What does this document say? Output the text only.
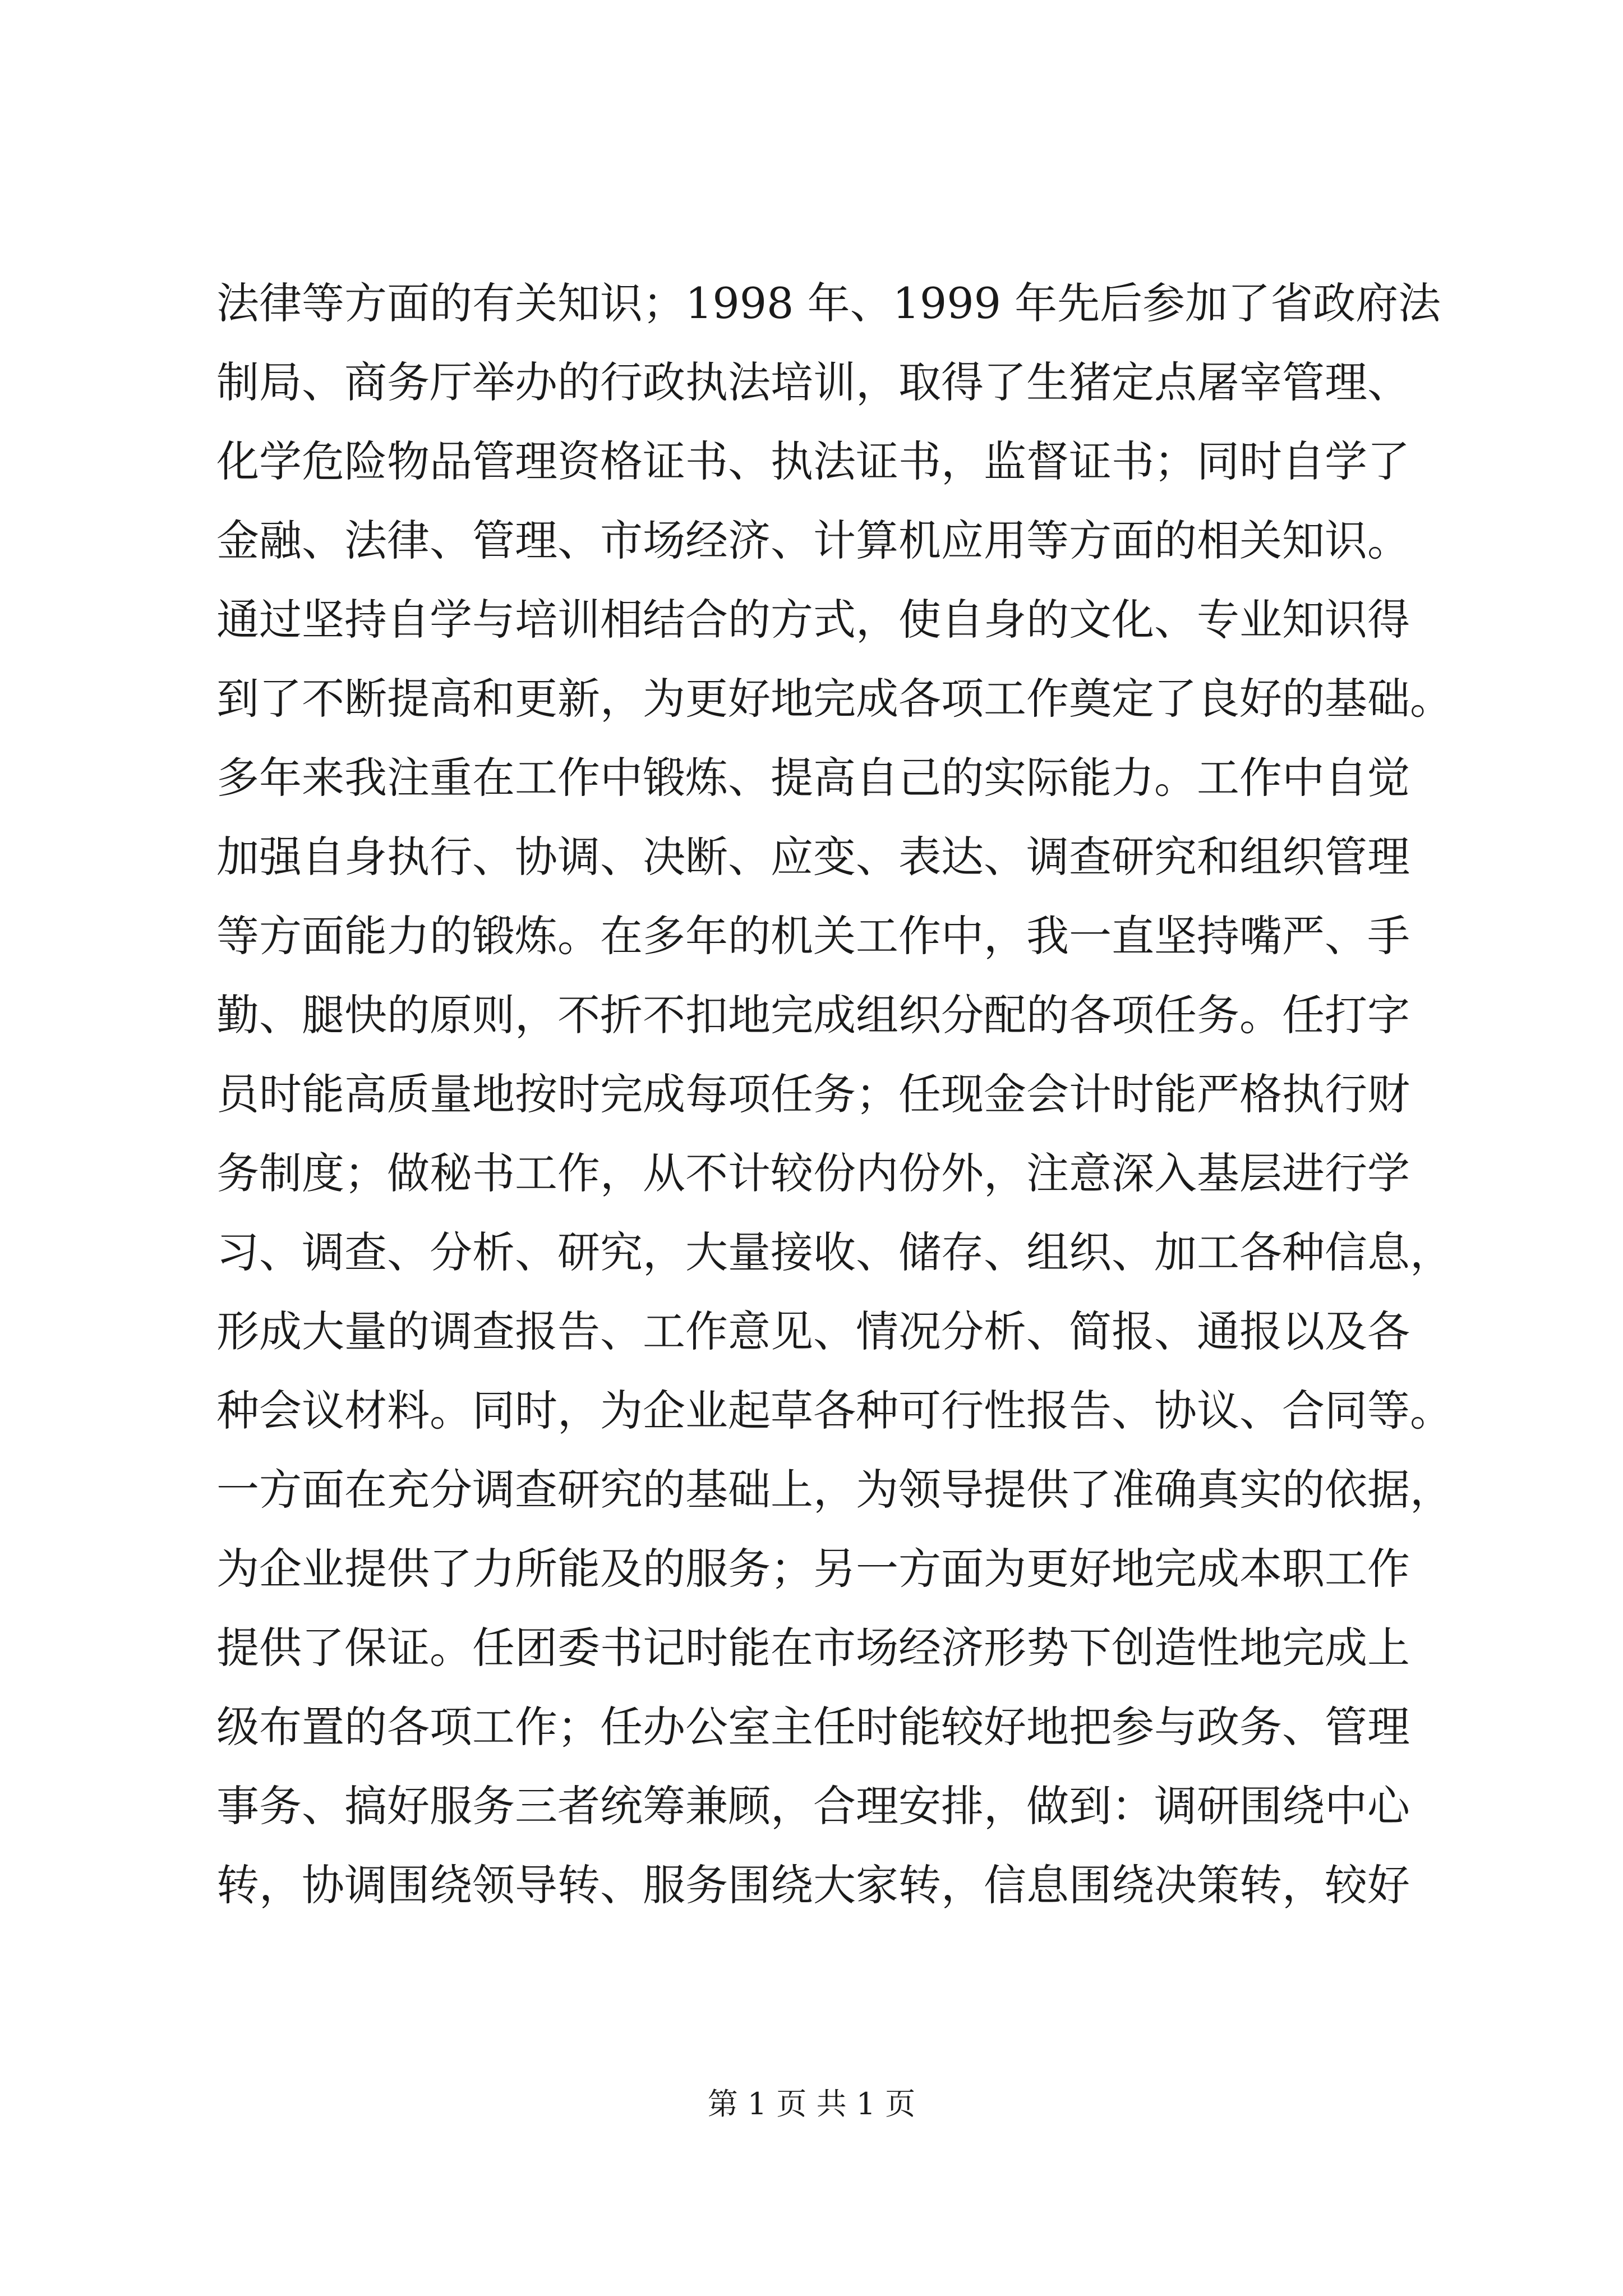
法律等方面的有关知识；1998 年、1999 年先后参加了省政府法
制局、商务厅举办的行政执法培训，取得了生猪定点屠宰管理、
化学危险物品管理资格证书、执法证书，监督证书；同时自学了
金融、法律、管理、市场经济、计算机应用等方面的相关知识。
通过坚持自学与培训相结合的方式，使自身的文化、专业知识得
到了不断提高和更新，为更好地完成各项工作奠定了良好的基础。
多年来我注重在工作中锻炼、提高自己的实际能力。工作中自觉
加强自身执行、协调、决断、应变、表达、调查研究和组织管理
等方面能力的锻炼。在多年的机关工作中，我一直坚持嘴严、手
勤、腿快的原则，不折不扣地完成组织分配的各项任务。任打字
员时能高质量地按时完成每项任务；任现金会计时能严格执行财
务制度；做秘书工作，从不计较份内份外，注意深入基层进行学
习、调查、分析、研究，大量接收、储存、组织、加工各种信息，
形成大量的调查报告、工作意见、情况分析、简报、通报以及各
种会议材料。同时，为企业起草各种可行性报告、协议、合同等。
一方面在充分调查研究的基础上，为领导提供了准确真实的依据，
为企业提供了力所能及的服务；另一方面为更好地完成本职工作
提供了保证。任团委书记时能在市场经济形势下创造性地完成上
级布置的各项工作；任办公室主任时能较好地把参与政务、管理
事务、搞好服务三者统筹兼顾，合理安排，做到：调研围绕中心
转，协调围绕领导转、服务围绕大家转，信息围绕决策转，较好
第 1 页 共 1 页
